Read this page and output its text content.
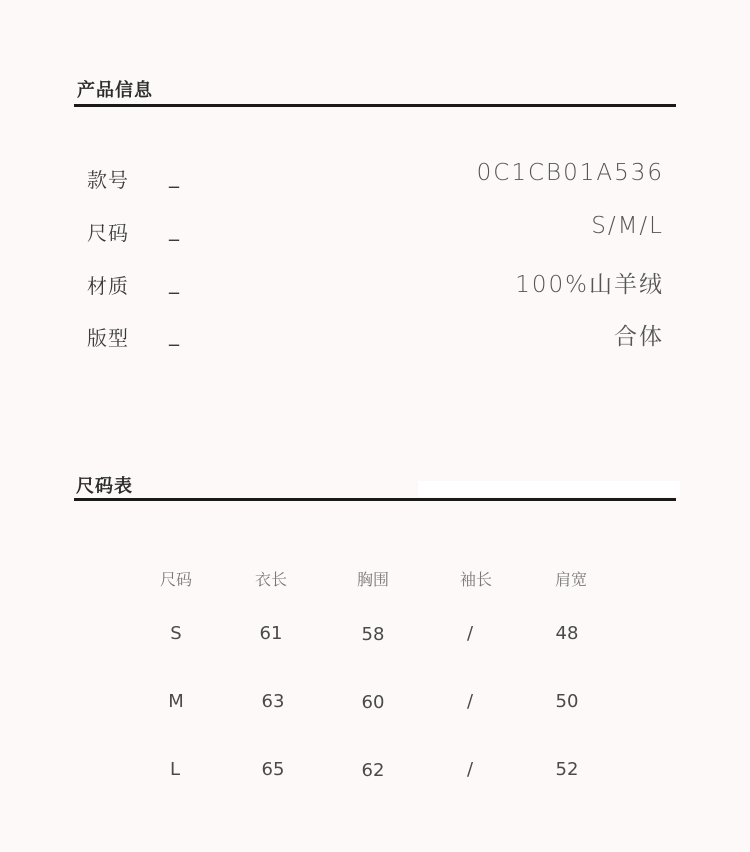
产品信息
款号 _	0C1CB01A536
尺码 _	S/M/L
材质 _	100%山羊绒
版型 _	合体
尺码表
尺码	衣长	胸围	袖长	肩宽
S	61	58	/	48
M	63	60	/	50
L	65	62	/	52
